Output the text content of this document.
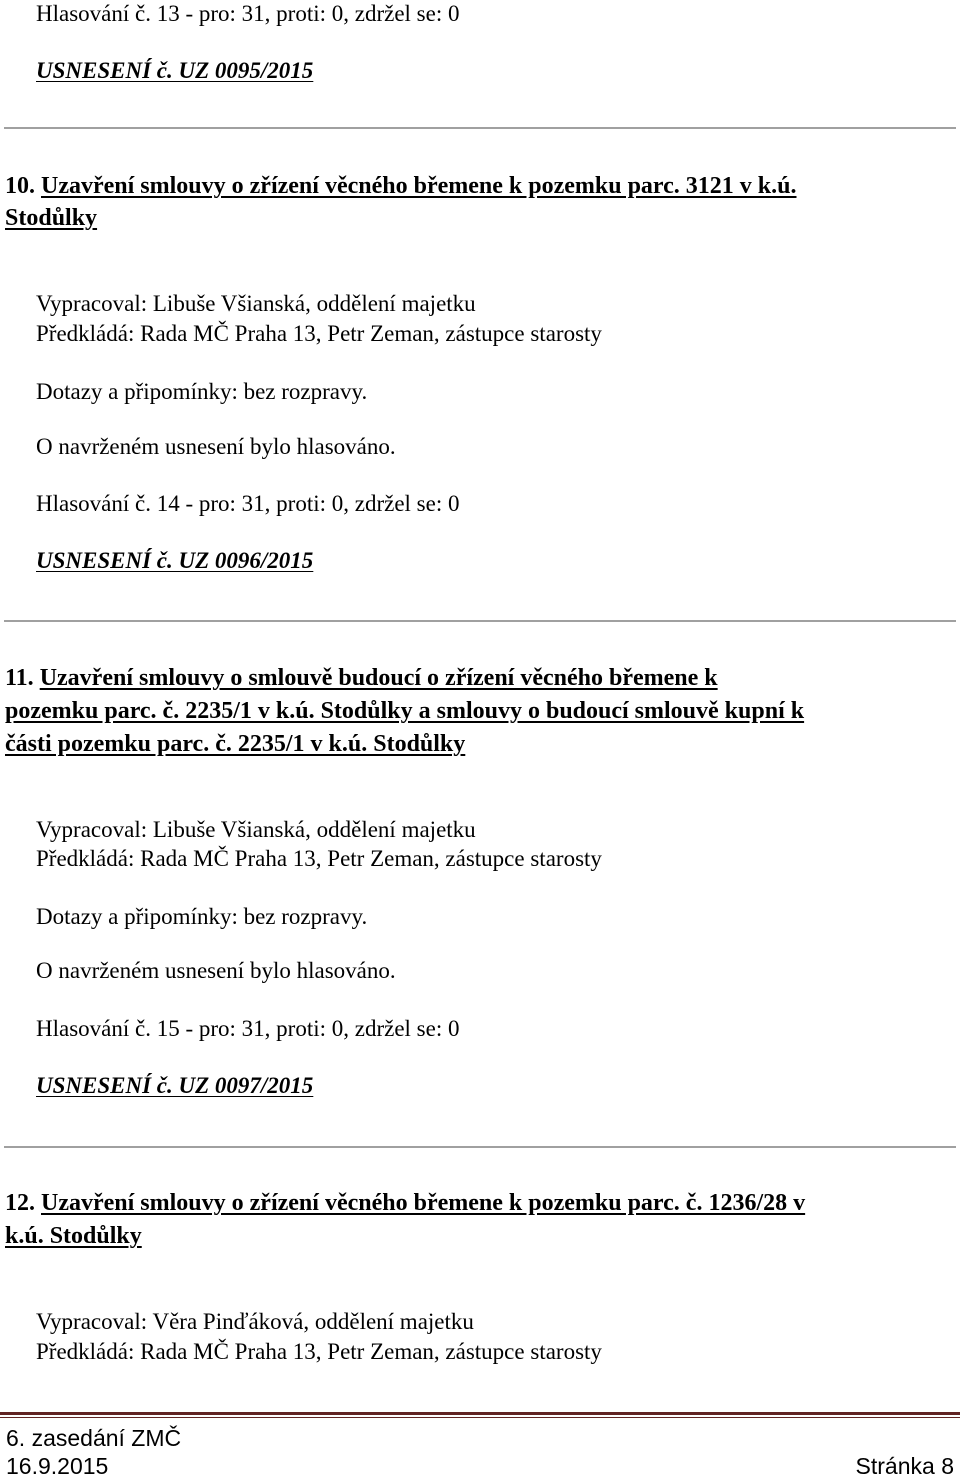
Hlasování č. 13 - pro: 31, proti: 0, zdržel se: 0
USNESENÍ č. UZ 0095/2015
10. Uzavření smlouvy o zřízení věcného břemene k pozemku parc. 3121 v k.ú.
Stodůlky
Vypracoval: Libuše Všianská, oddělení majetku
Předkládá: Rada MČ Praha 13, Petr Zeman, zástupce starosty
Dotazy a připomínky: bez rozpravy.
O navrženém usnesení bylo hlasováno.
Hlasování č. 14 - pro: 31, proti: 0, zdržel se: 0
USNESENÍ č. UZ 0096/2015
11. Uzavření smlouvy o smlouvě budoucí o zřízení věcného břemene k
pozemku parc. č. 2235/1 v k.ú. Stodůlky a smlouvy o budoucí smlouvě kupní k
části pozemku parc. č. 2235/1 v k.ú. Stodůlky
Vypracoval: Libuše Všianská, oddělení majetku
Předkládá: Rada MČ Praha 13, Petr Zeman, zástupce starosty
Dotazy a připomínky: bez rozpravy.
O navrženém usnesení bylo hlasováno.
Hlasování č. 15 - pro: 31, proti: 0, zdržel se: 0
USNESENÍ č. UZ 0097/2015
12. Uzavření smlouvy o zřízení věcného břemene k pozemku parc. č. 1236/28 v
k.ú. Stodůlky
Vypracoval: Věra Pinďáková, oddělení majetku
Předkládá: Rada MČ Praha 13, Petr Zeman, zástupce starosty
6. zasedání ZMČ
16.9.2015	Stránka 8
